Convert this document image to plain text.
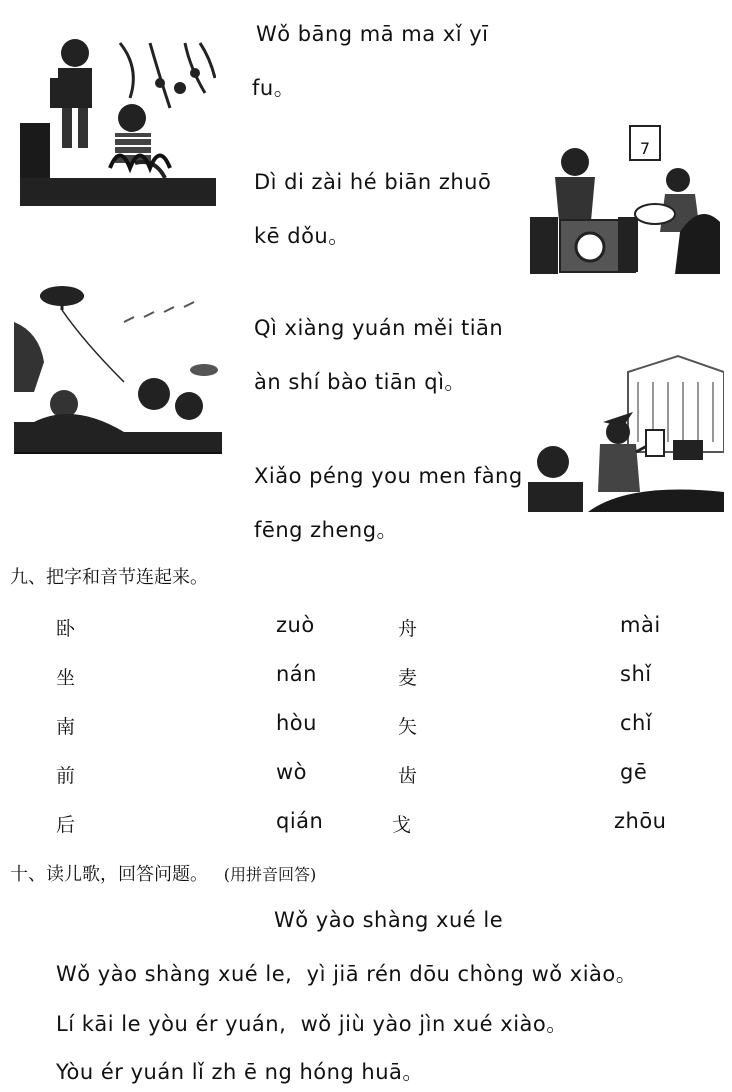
7
Wǒ bāng mā ma xǐ yī
fu。
Dì di zài hé biān zhuō
kē dǒu。
Qì xiàng yuán měi tiān
àn shí bào tiān qì。
Xiǎo péng you men fàng
fēng zheng。
九、把字和音节连起来。
卧
坐
南
前
后
zuò
nán
hòu
wò
qián
舟
麦
矢
齿
戈
mài
shǐ
chǐ
gē
zhōu
十、读儿歌，回答问题。 (用拼音回答)
Wǒ yào shàng xué le
Wǒ yào shàng xué le,  yì jiā rén dōu chòng wǒ xiào。
Lí kāi le yòu ér yuán,  wǒ jiù yào jìn xué xiào。
Yòu ér yuán lǐ zh ē ng hóng huā。
